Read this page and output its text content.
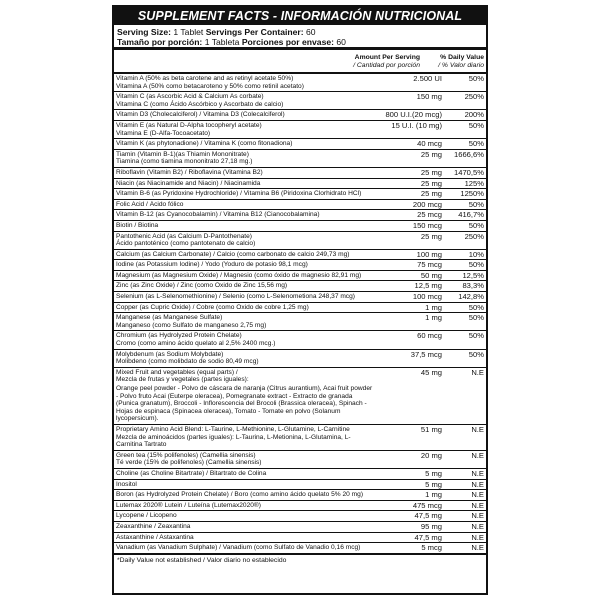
SUPPLEMENT FACTS - INFORMACIÓN NUTRICIONAL
Serving Size: 1 Tablet Servings Per Container: 60
Tamaño por porción: 1 Tableta Porciones por envase: 60
Amount Per Serving
/ Cantidad por porción
% Daily Value
/ % Valor diario
Vitamin A (50% as beta carotene and as retinyl acetate 50%)
Vitamina A (50% como betacaroteno y 50% como retinil acetato)
2.500 UI	50%
Vitamin C (as Ascorbic Acid & Calcium As corbate)
Vitamina C (como Ácido Ascórbico y Ascorbato de calcio)
150 mg	250%
Vitamin D3 (Cholecalciferol) / Vitamina D3 (Colecalciferol)	800 U.I.(20 mcg)	200%
Vitamin E (as Natural D-Alpha tocopheryl acetate)
Vitamina E (D-Alfa-Tocoacetato)
15 U.I. (10 mg)	50%
Vitamin K (as phytonadione) / Vitamina K (como fitonadiona)	40 mcg	50%
Tiamin (Vitamin B-1)(as Thiamin Mononitrate)
Tiamina (como tiamina mononitrato 27,18 mg.)
25 mg	1666,6%
Riboflavin (Vitamin B2) / Riboflavina (Vitamina B2)	25 mg	1470,5%
Niacin (as Niacinamide and Niacin) / Niacinamida	25 mg	125%
Vitamin B-6 (as Pyridoxine Hydrochloride) / Vitamina B6 (Piridoxina Clorhidrato HCl)	25 mg	1250%
Folic Acid / Ácido fólico	200 mcg	50%
Vitamin B-12 (as Cyanocobalamin) / Vitamina B12 (Cianocobalamina)	25 mcg	416,7%
Biotin / Biotina	150 mcg	50%
Pantothenic Acid (as Calcium D-Pantothenate)
Ácido pantoténico (como pantotenato de calcio)
25 mg	250%
Calcium (as Calcium Carbonate) / Calcio (como carbonato de calcio 249,73 mg)	100 mg	10%
Iodine (as Potassium Iodine) / Yodo (Yoduro de potasio 98,1 mcg)	75 mcg	50%
Magnesium (as Magnesium Oxide) / Magnesio (como óxido de magnesio 82,91 mg)	50 mg	12,5%
Zinc (as Zinc Oxide) / Zinc (como Óxido de Zinc 15,56 mg)	12,5 mg	83,3%
Selenium (as L-Selenomethionine) / Selenio (como L-Selenometiona 248,37 mcg)	100 mcg	142,8%
Copper (as Cupric Oxide) / Cobre (como Óxido de cobre 1,25 mg)	1 mg	50%
Manganese (as Manganese Sulfate)
Manganeso (como Sulfato de manganeso 2,75 mg)
1 mg	50%
Chromium (as Hydrolyzed Protein Chelate)
Cromo (como amino ácido quelato al 2,5% 2400 mcg.)
60 mcg	50%
Molybdenum (as Sodium Molybdate)
Molibdeno (como molibdato de sodio 80,49 mcg)
37,5 mcg	50%
Mixed Fruit and vegetables (equal parts) /
Mezcla de frutas y vegetales (partes iguales):
Orange peel powder - Polvo de cáscara de naranja (Citrus aurantium), Acai fruit powder - Polvo fruto Acai (Euterpe oleracea), Pomegranate extract - Extracto de granada (Punica granatum), Broccoli - Inflorescencia del Brocoli (Brassica oleracea), Spinach - Hojas de espinaca (Spinacea oleracea), Tomato - Tomate en polvo (Solanum lycopersicum).
45 mg	N.E
Proprietary Amino Acid Blend: L-Taurine, L-Methionine, L-Glutamine, L-Carnitine
Mezcla de aminoácidos (partes iguales): L-Taurina, L-Metionina, L-Glutamina, L-Carnitina Tartrato
51 mg	N.E
Green tea (15% polifenoles) (Camellia sinensis)
Té verde (15% de polifenoles) (Camellia sinensis)
20 mg	N.E
Choline (as Choline Bitartrate) / Bitartrato de Colina	5 mg	N.E
Inositol	5 mg	N.E
Boron (as Hydrolyzed Protein Chelate) / Boro (como amino ácido quelato 5% 20 mg)	1 mg	N.E
Lutemax 2020® Lutein / Luteína (Lutemax2020®)	475 mcg	N.E
Lycopene / Licopeno	47,5 mg	N.E
Zeaxanthine / Zeaxantina	95 mg	N.E
Astaxanthine / Astaxantina	47,5 mg	N.E
Vanadium (as Vanadium Sulphate) / Vanadium (como Sulfato de Vanadio 0,16 mcg)	5 mcg	N.E
*Daily Value not established / Valor diario no establecido
